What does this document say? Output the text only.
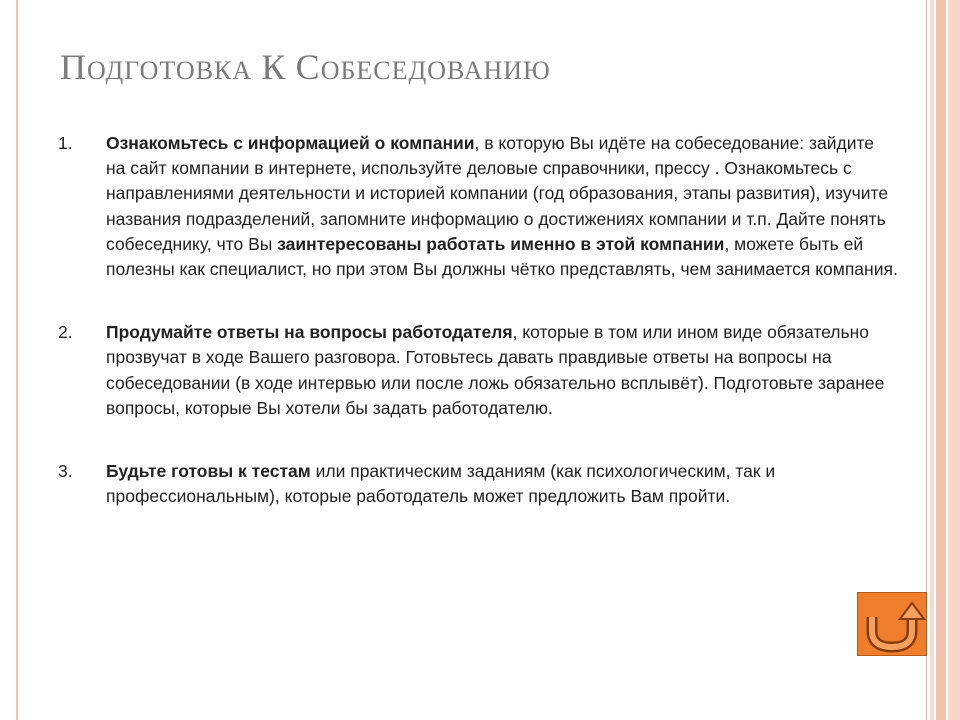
ПОДГОТОВКА К СОБЕСЕДОВАНИЮ
1. Ознакомьтесь с информацией о компании, в которую Вы идёте на собеседование: зайдите на сайт компании в интернете, используйте деловые справочники, прессу . Ознакомьтесь с направлениями деятельности и историей компании (год образования, этапы развития), изучите названия подразделений, запомните информацию о достижениях компании и т.п. Дайте понять собеседнику, что Вы заинтересованы работать именно в этой компании, можете быть ей полезны как специалист, но при этом Вы должны чётко представлять, чем занимается компания.
2. Продумайте ответы на вопросы работодателя, которые в том или ином виде обязательно прозвучат в ходе Вашего разговора. Готовьтесь давать правдивые ответы на вопросы на собеседовании (в ходе интервью или после ложь обязательно всплывёт). Подготовьте заранее вопросы, которые Вы хотели бы задать работодателю.
3. Будьте готовы к тестам или практическим заданиям (как психологическим, так и профессиональным), которые работодатель может предложить Вам пройти.
